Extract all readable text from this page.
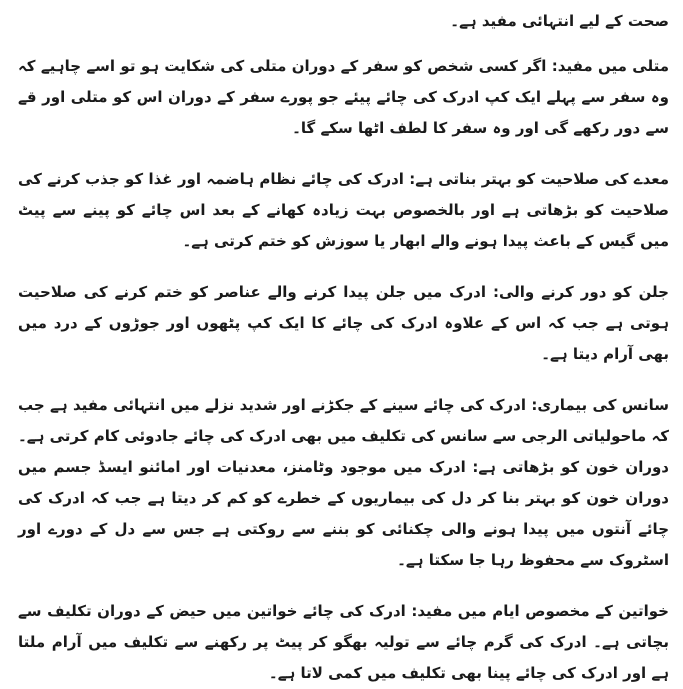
صحت کے لیے انتہائی مفید ہے۔

متلی میں مفید: اگر کسی شخص کو سفر کے دوران متلی کی شکایت ہو تو اسے چاہیے کہ وہ سفر سے پہلے ایک کپ ادرک کی چائے پیئے جو پورے سفر کے دوران اس کو متلی اور قے سے دور رکھے گی اور وہ سفر کا لطف اٹھا سکے گا۔

معدے کی صلاحیت کو بہتر بناتی ہے: ادرک کی چائے نظام ہاضمہ اور غذا کو جذب کرنے کی صلاحیت کو بڑھاتی ہے اور بالخصوص بہت زیادہ کھانے کے بعد اس چائے کو پینے سے پیٹ میں گیس کے باعث پیدا ہونے والے ابھار یا سوزش کو ختم کرتی ہے۔

جلن کو دور کرنے والی: ادرک میں جلن پیدا کرنے والے عناصر کو ختم کرنے کی صلاحیت ہوتی ہے جب کہ اس کے علاوہ ادرک کی چائے کا ایک کپ پٹھوں اور جوڑوں کے درد میں بھی آرام دیتا ہے۔

سانس کی بیماری: ادرک کی چائے سینے کے جکڑنے اور شدید نزلے میں انتہائی مفید ہے جب کہ ماحولیاتی الرجی سے سانس کی تکلیف میں بھی ادرک کی چائے جادوئی کام کرتی ہے۔ دوران خون کو بڑھاتی ہے: ادرک میں موجود وٹامنز، معدنیات اور امائنو ایسڈ جسم میں دوران خون کو بہتر بنا کر دل کی بیماریوں کے خطرے کو کم کر دیتا ہے جب کہ ادرک کی چائے آنتوں میں پیدا ہونے والی چکنائی کو بننے سے روکتی ہے جس سے دل کے دورے اور اسٹروک سے محفوظ رہا جا سکتا ہے۔

خواتین کے مخصوص ایام میں مفید: ادرک کی چائے خواتین میں حیض کے دوران تکلیف سے بچاتی ہے۔ ادرک کی گرم چائے سے تولیہ بھگو کر پیٹ پر رکھنے سے تکلیف میں آرام ملتا ہے اور ادرک کی چائے پینا بھی تکلیف میں کمی لاتا ہے۔
